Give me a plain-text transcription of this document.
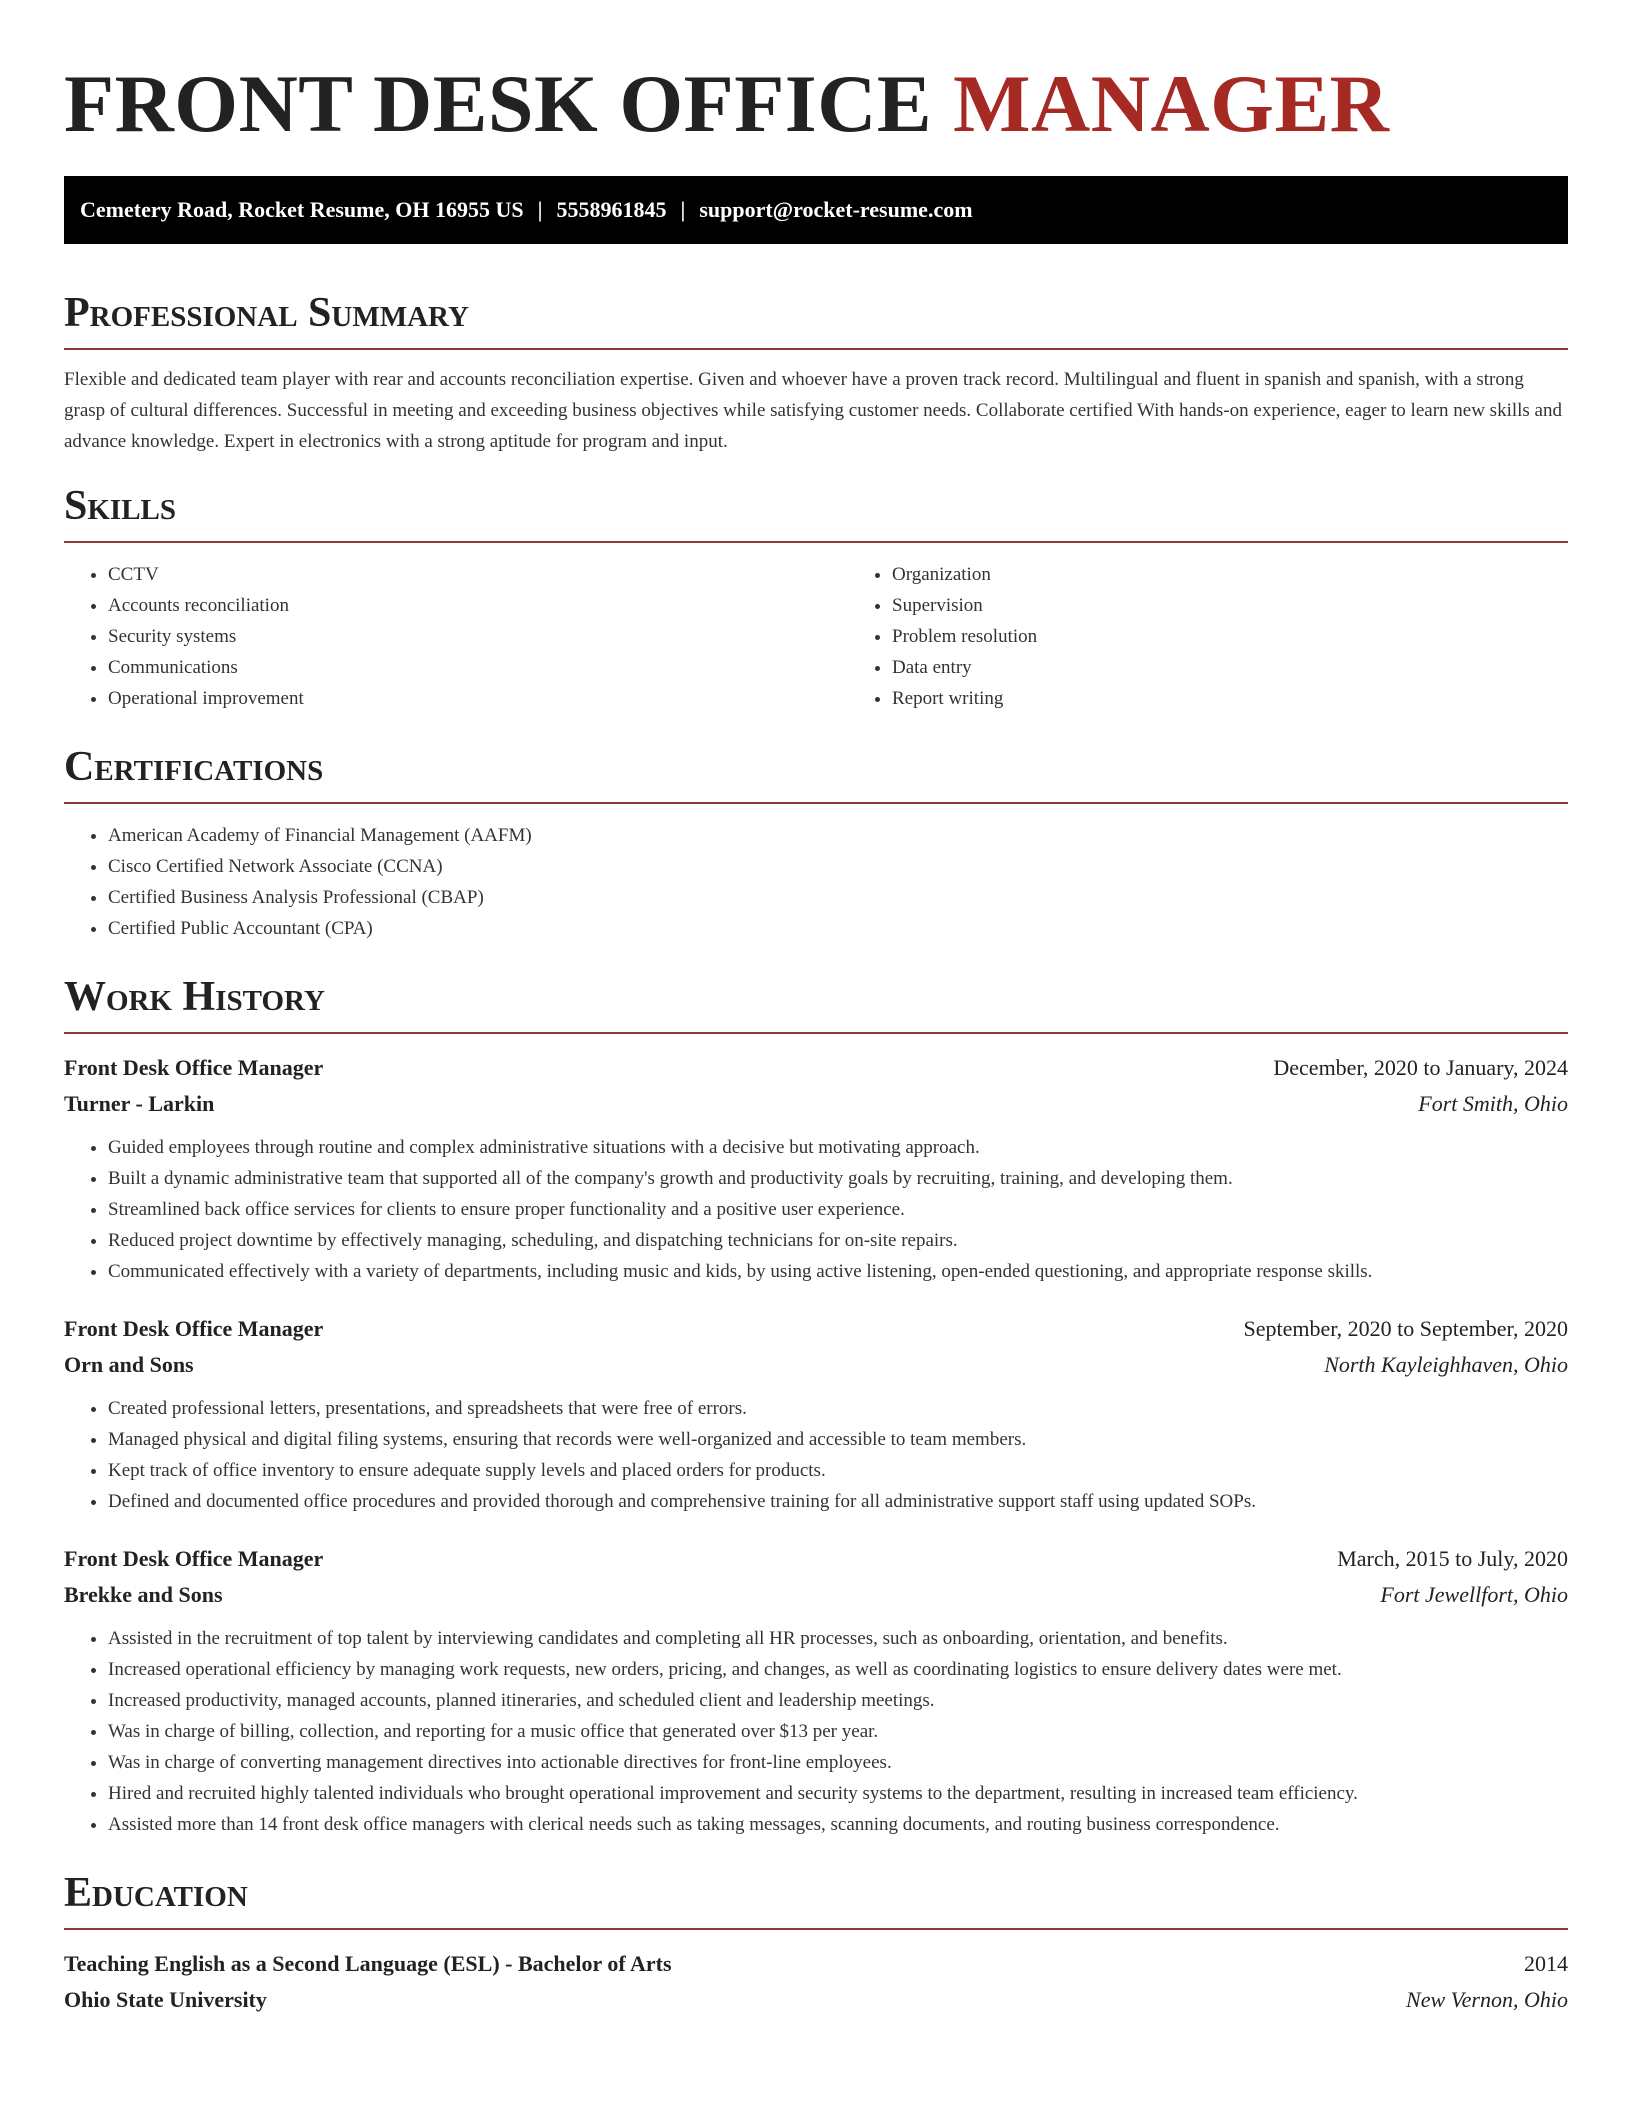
FRONT DESK OFFICE MANAGER
Cemetery Road, Rocket Resume, OH 16955 US | 5558961845 | support@rocket-resume.com
Professional Summary

Flexible and dedicated team player with rear and accounts reconciliation expertise. Given and whoever have a proven track record. Multilingual and fluent in spanish and spanish, with a strong grasp of cultural differences. Successful in meeting and exceeding business objectives while satisfying customer needs. Collaborate certified With hands-on experience, eager to learn new skills and advance knowledge. Expert in electronics with a strong aptitude for program and input.

Skills
• CCTV
• Accounts reconciliation
• Security systems
• Communications
• Operational improvement
• Organization
• Supervision
• Problem resolution
• Data entry
• Report writing
Certifications
• American Academy of Financial Management (AAFM)
• Cisco Certified Network Associate (CCNA)
• Certified Business Analysis Professional (CBAP)
• Certified Public Accountant (CPA)
Work History
Front Desk Office Manager	December, 2020 to January, 2024
Turner - Larkin	Fort Smith, Ohio
• Guided employees through routine and complex administrative situations with a decisive but motivating approach.
• Built a dynamic administrative team that supported all of the company's growth and productivity goals by recruiting, training, and developing them.
• Streamlined back office services for clients to ensure proper functionality and a positive user experience.
• Reduced project downtime by effectively managing, scheduling, and dispatching technicians for on-site repairs.
• Communicated effectively with a variety of departments, including music and kids, by using active listening, open-ended questioning, and appropriate response skills.
Front Desk Office Manager	September, 2020 to September, 2020
Orn and Sons	North Kayleighhaven, Ohio
• Created professional letters, presentations, and spreadsheets that were free of errors.
• Managed physical and digital filing systems, ensuring that records were well-organized and accessible to team members.
• Kept track of office inventory to ensure adequate supply levels and placed orders for products.
• Defined and documented office procedures and provided thorough and comprehensive training for all administrative support staff using updated SOPs.
Front Desk Office Manager	March, 2015 to July, 2020
Brekke and Sons	Fort Jewellfort, Ohio
• Assisted in the recruitment of top talent by interviewing candidates and completing all HR processes, such as onboarding, orientation, and benefits.
• Increased operational efficiency by managing work requests, new orders, pricing, and changes, as well as coordinating logistics to ensure delivery dates were met.
• Increased productivity, managed accounts, planned itineraries, and scheduled client and leadership meetings.
• Was in charge of billing, collection, and reporting for a music office that generated over $13 per year.
• Was in charge of converting management directives into actionable directives for front-line employees.
• Hired and recruited highly talented individuals who brought operational improvement and security systems to the department, resulting in increased team efficiency.
• Assisted more than 14 front desk office managers with clerical needs such as taking messages, scanning documents, and routing business correspondence.
Education
Teaching English as a Second Language (ESL) - Bachelor of Arts	2014
Ohio State University	New Vernon, Ohio
